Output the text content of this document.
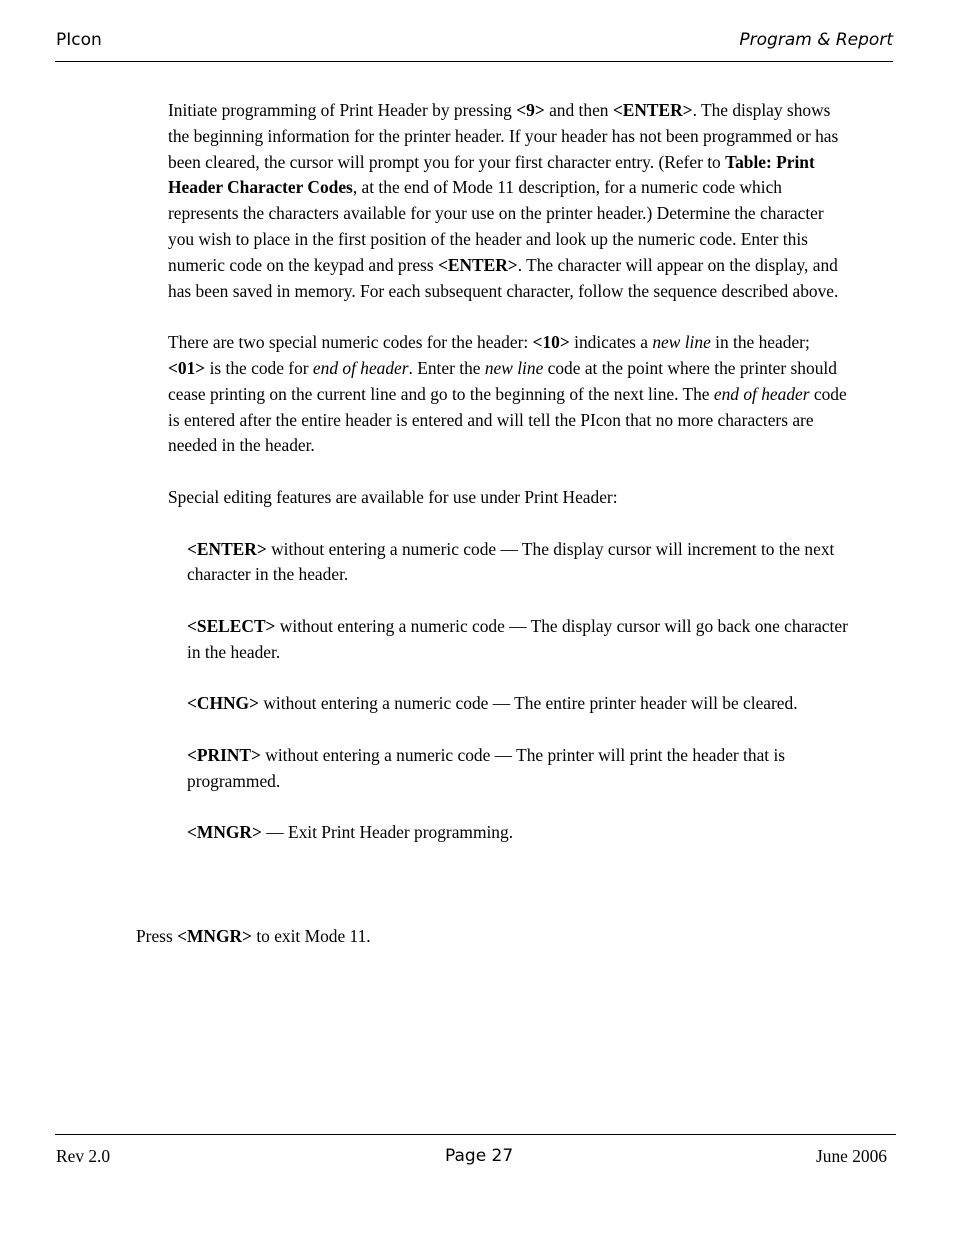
PIcon	Program & Report

Initiate programming of Print Header by pressing <9> and then <ENTER>. The display shows the beginning information for the printer header. If your header has not been programmed or has been cleared, the cursor will prompt you for your first character entry. (Refer to Table: Print Header Character Codes, at the end of Mode 11 description, for a numeric code which represents the characters available for your use on the printer header.) Determine the character you wish to place in the first position of the header and look up the numeric code. Enter this numeric code on the keypad and press <ENTER>. The character will appear on the display, and has been saved in memory. For each subsequent character, follow the sequence described above.

There are two special numeric codes for the header: <10> indicates a new line in the header; <01> is the code for end of header. Enter the new line code at the point where the printer should cease printing on the current line and go to the beginning of the next line. The end of header code is entered after the entire header is entered and will tell the PIcon that no more characters are needed in the header.

Special editing features are available for use under Print Header:

<ENTER> without entering a numeric code — The display cursor will increment to the next character in the header.

<SELECT> without entering a numeric code — The display cursor will go back one character in the header.

<CHNG> without entering a numeric code — The entire printer header will be cleared.

<PRINT> without entering a numeric code — The printer will print the header that is programmed.

<MNGR> — Exit Print Header programming.

Press <MNGR> to exit Mode 11.
Rev 2.0	Page 27	June 2006
